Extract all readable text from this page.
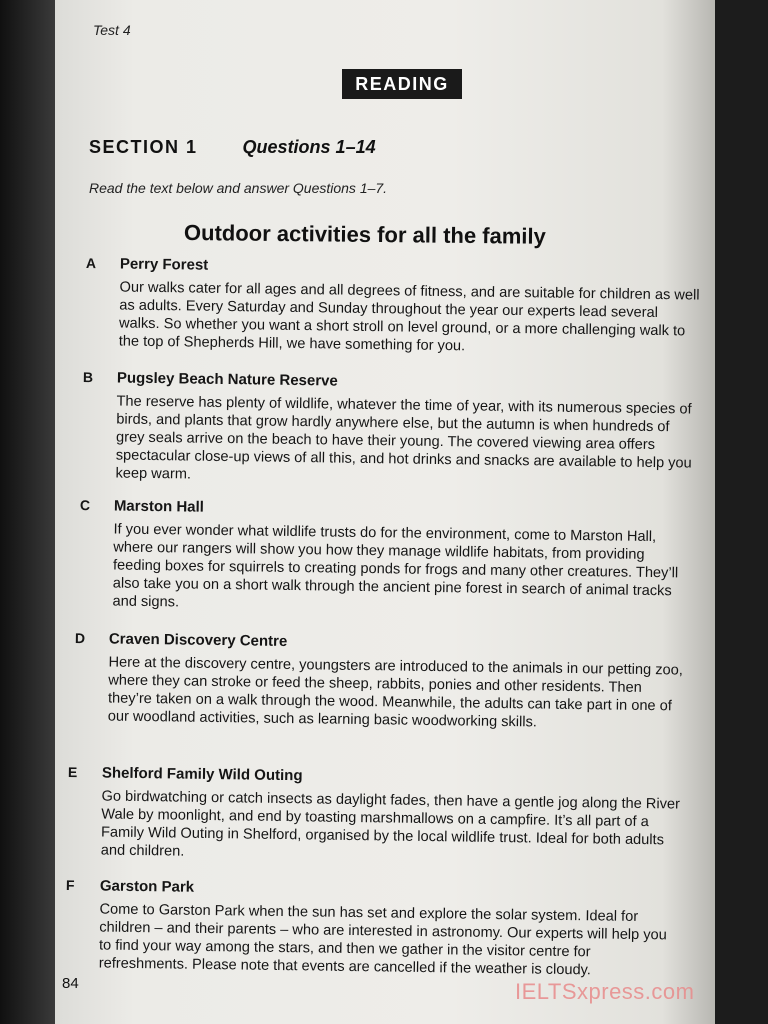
Test 4
READING
SECTION 1	Questions 1–14
Read the text below and answer Questions 1–7.
Outdoor activities for all the family
A Perry Forest
Our walks cater for all ages and all degrees of fitness, and are suitable for children as well as adults. Every Saturday and Sunday throughout the year our experts lead several walks. So whether you want a short stroll on level ground, or a more challenging walk to the top of Shepherds Hill, we have something for you.
B Pugsley Beach Nature Reserve
The reserve has plenty of wildlife, whatever the time of year, with its numerous species of birds, and plants that grow hardly anywhere else, but the autumn is when hundreds of grey seals arrive on the beach to have their young. The covered viewing area offers spectacular close-up views of all this, and hot drinks and snacks are available to help you keep warm.
C Marston Hall
If you ever wonder what wildlife trusts do for the environment, come to Marston Hall, where our rangers will show you how they manage wildlife habitats, from providing feeding boxes for squirrels to creating ponds for frogs and many other creatures. They’ll also take you on a short walk through the ancient pine forest in search of animal tracks and signs.
D Craven Discovery Centre
Here at the discovery centre, youngsters are introduced to the animals in our petting zoo, where they can stroke or feed the sheep, rabbits, ponies and other residents. Then they’re taken on a walk through the wood. Meanwhile, the adults can take part in one of our woodland activities, such as learning basic woodworking skills.
E Shelford Family Wild Outing
Go birdwatching or catch insects as daylight fades, then have a gentle jog along the River Wale by moonlight, and end by toasting marshmallows on a campfire. It’s all part of a Family Wild Outing in Shelford, organised by the local wildlife trust. Ideal for both adults and children.
F Garston Park
Come to Garston Park when the sun has set and explore the solar system. Ideal for children – and their parents – who are interested in astronomy. Our experts will help you to find your way among the stars, and then we gather in the visitor centre for refreshments. Please note that events are cancelled if the weather is cloudy.
84	IELTSxpress.com
